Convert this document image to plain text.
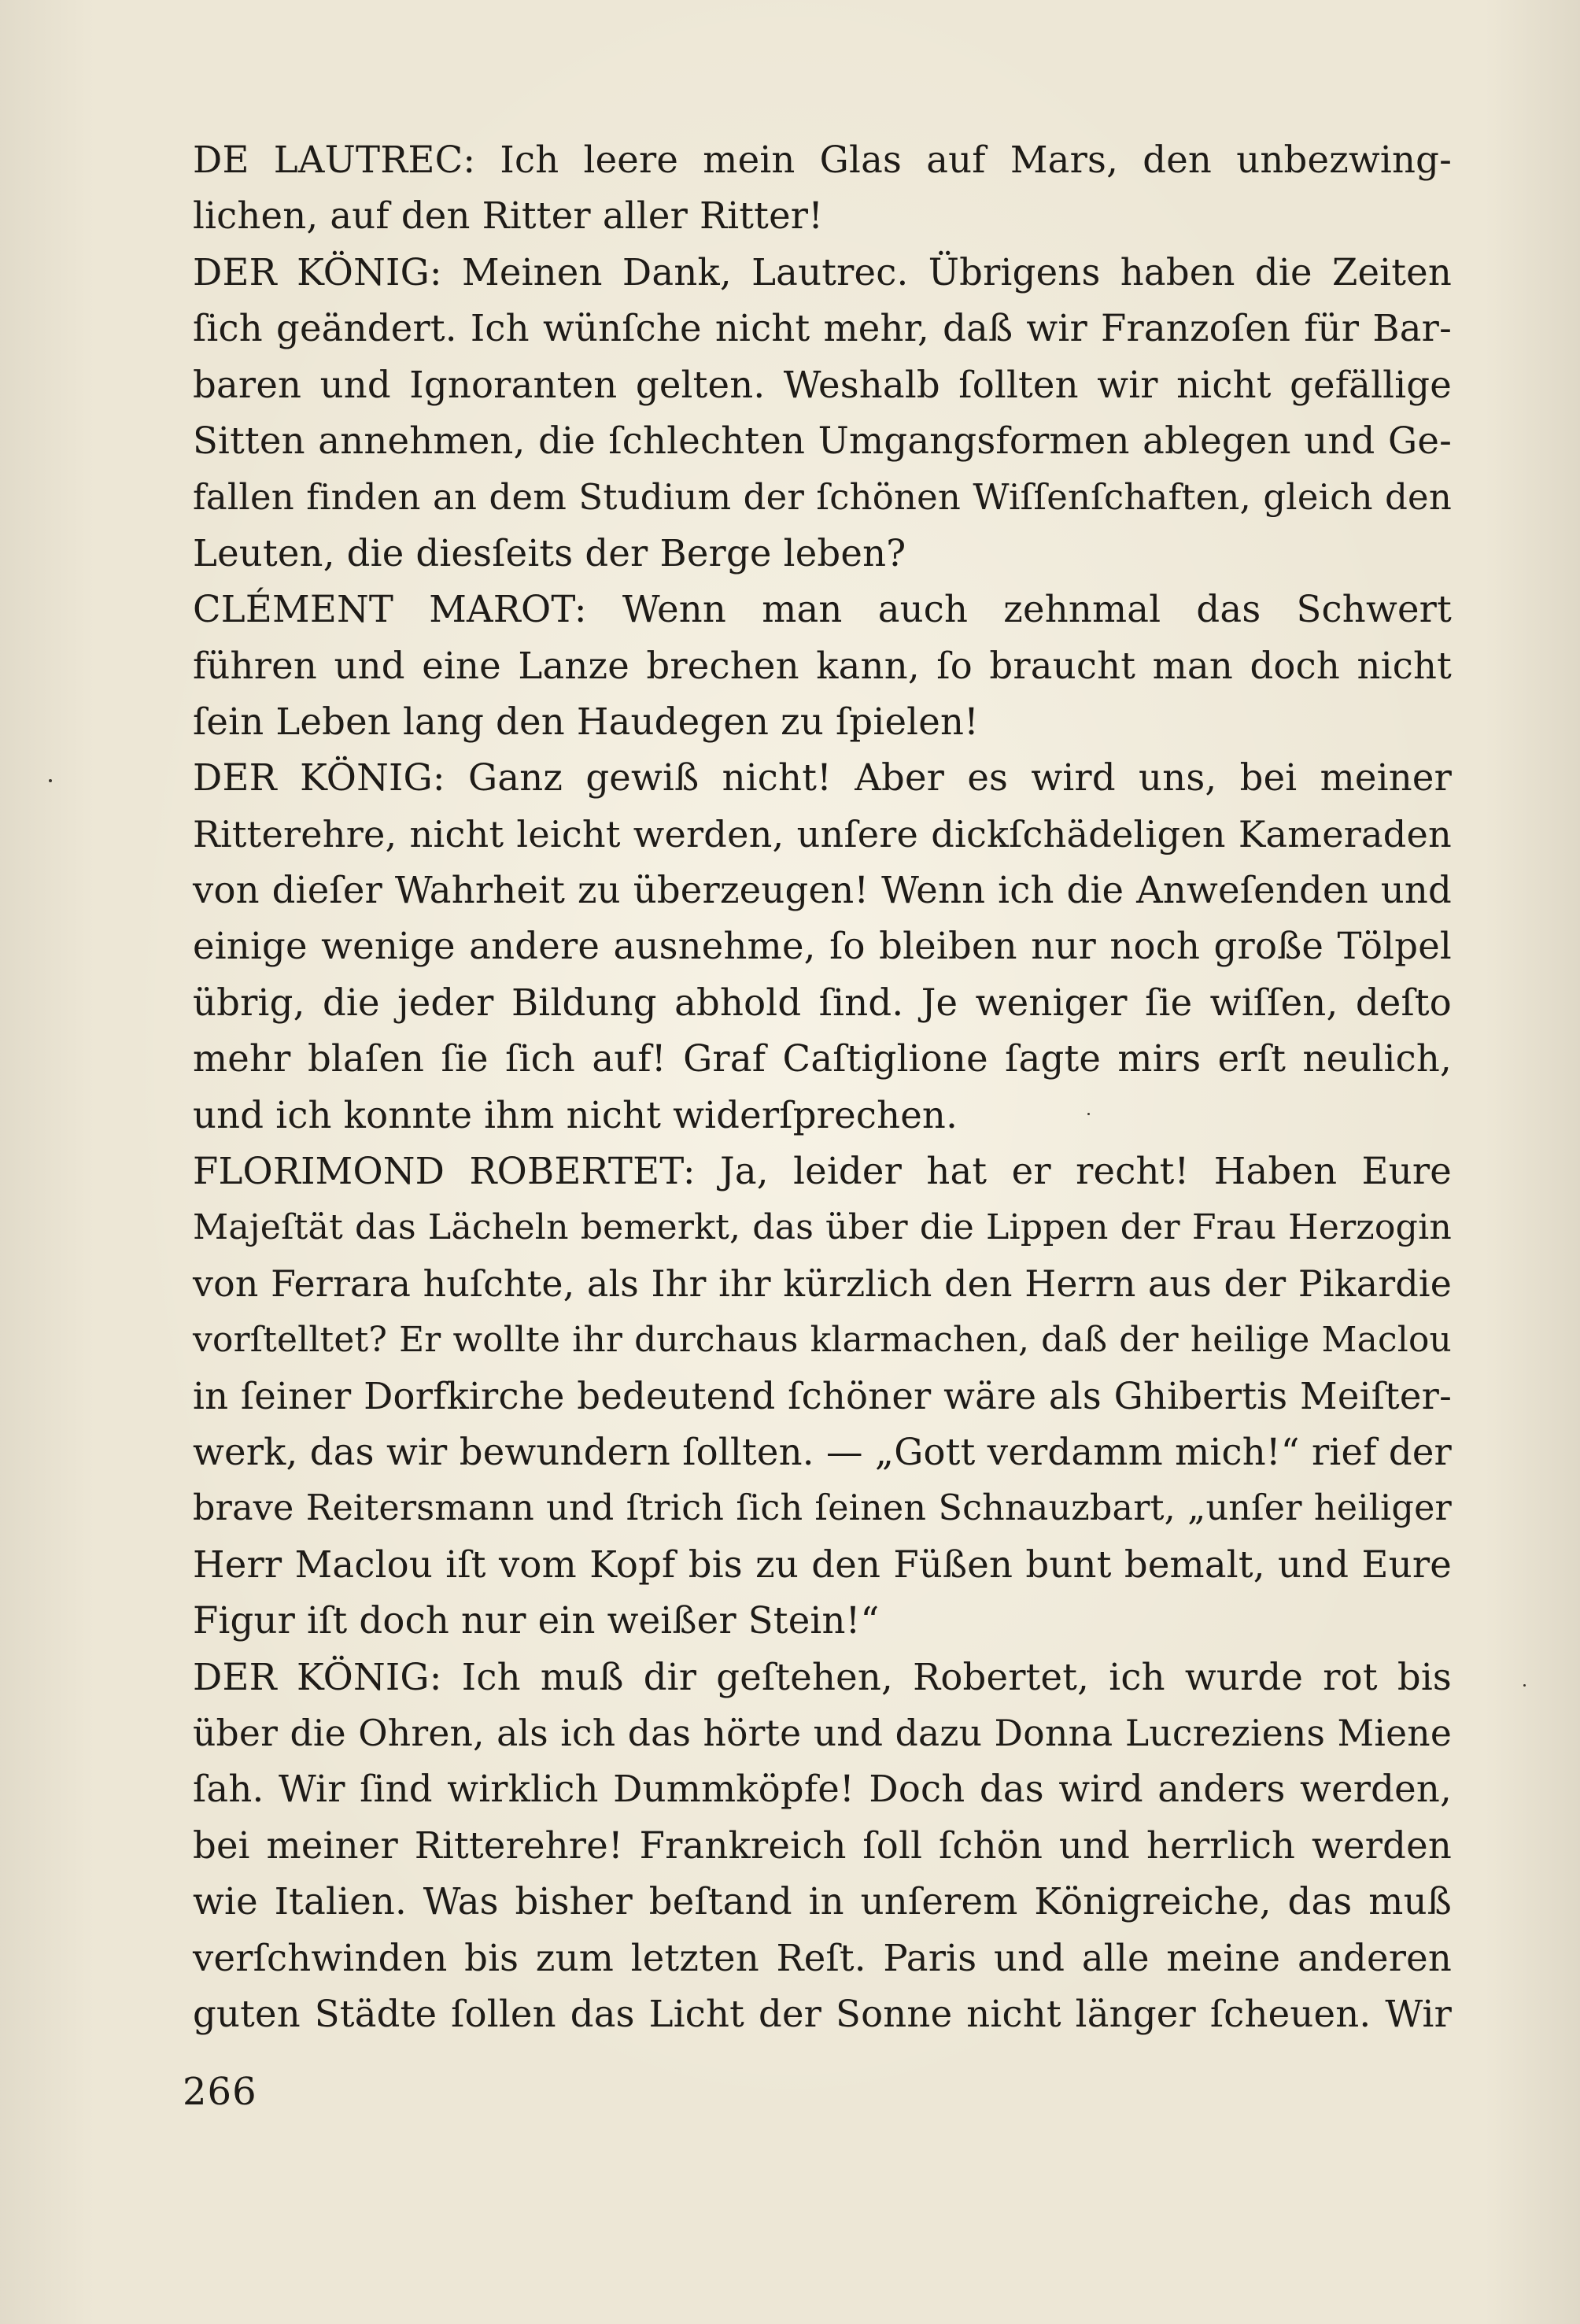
DE LAUTREC: Ich leere mein Glas auf Mars, den unbezwing-
lichen, auf den Ritter aller Ritter!
DER KÖNIG: Meinen Dank, Lautrec. Übrigens haben die Zeiten
ſich geändert. Ich wünſche nicht mehr, daß wir Franzoſen für Bar-
baren und Ignoranten gelten. Weshalb ſollten wir nicht gefällige
Sitten annehmen, die ſchlechten Umgangsformen ablegen und Ge-
fallen finden an dem Studium der ſchönen Wiſſenſchaften, gleich den
Leuten, die diesſeits der Berge leben?
CLÉMENT MAROT: Wenn man auch zehnmal das Schwert
führen und eine Lanze brechen kann, ſo braucht man doch nicht
ſein Leben lang den Haudegen zu ſpielen!
DER KÖNIG: Ganz gewiß nicht! Aber es wird uns, bei meiner
Ritterehre, nicht leicht werden, unſere dickſchädeligen Kameraden
von dieſer Wahrheit zu überzeugen! Wenn ich die Anweſenden und
einige wenige andere ausnehme, ſo bleiben nur noch große Tölpel
übrig, die jeder Bildung abhold ſind. Je weniger ſie wiſſen, deſto
mehr blaſen ſie ſich auf! Graf Caſtiglione ſagte mirs erſt neulich,
und ich konnte ihm nicht widerſprechen.
FLORIMOND ROBERTET: Ja, leider hat er recht! Haben Eure
Majeſtät das Lächeln bemerkt, das über die Lippen der Frau Herzogin
von Ferrara huſchte, als Ihr ihr kürzlich den Herrn aus der Pikardie
vorſtelltet? Er wollte ihr durchaus klarmachen, daß der heilige Maclou
in ſeiner Dorfkirche bedeutend ſchöner wäre als Ghibertis Meiſter-
werk, das wir bewundern ſollten. — „Gott verdamm mich!“ rief der
brave Reitersmann und ſtrich ſich ſeinen Schnauzbart, „unſer heiliger
Herr Maclou iſt vom Kopf bis zu den Füßen bunt bemalt, und Eure
Figur iſt doch nur ein weißer Stein!“
DER KÖNIG: Ich muß dir geſtehen, Robertet, ich wurde rot bis
über die Ohren, als ich das hörte und dazu Donna Lucreziens Miene
ſah. Wir ſind wirklich Dummköpfe! Doch das wird anders werden,
bei meiner Ritterehre! Frankreich ſoll ſchön und herrlich werden
wie Italien. Was bisher beſtand in unſerem Königreiche, das muß
verſchwinden bis zum letzten Reſt. Paris und alle meine anderen
guten Städte ſollen das Licht der Sonne nicht länger ſcheuen. Wir
266
